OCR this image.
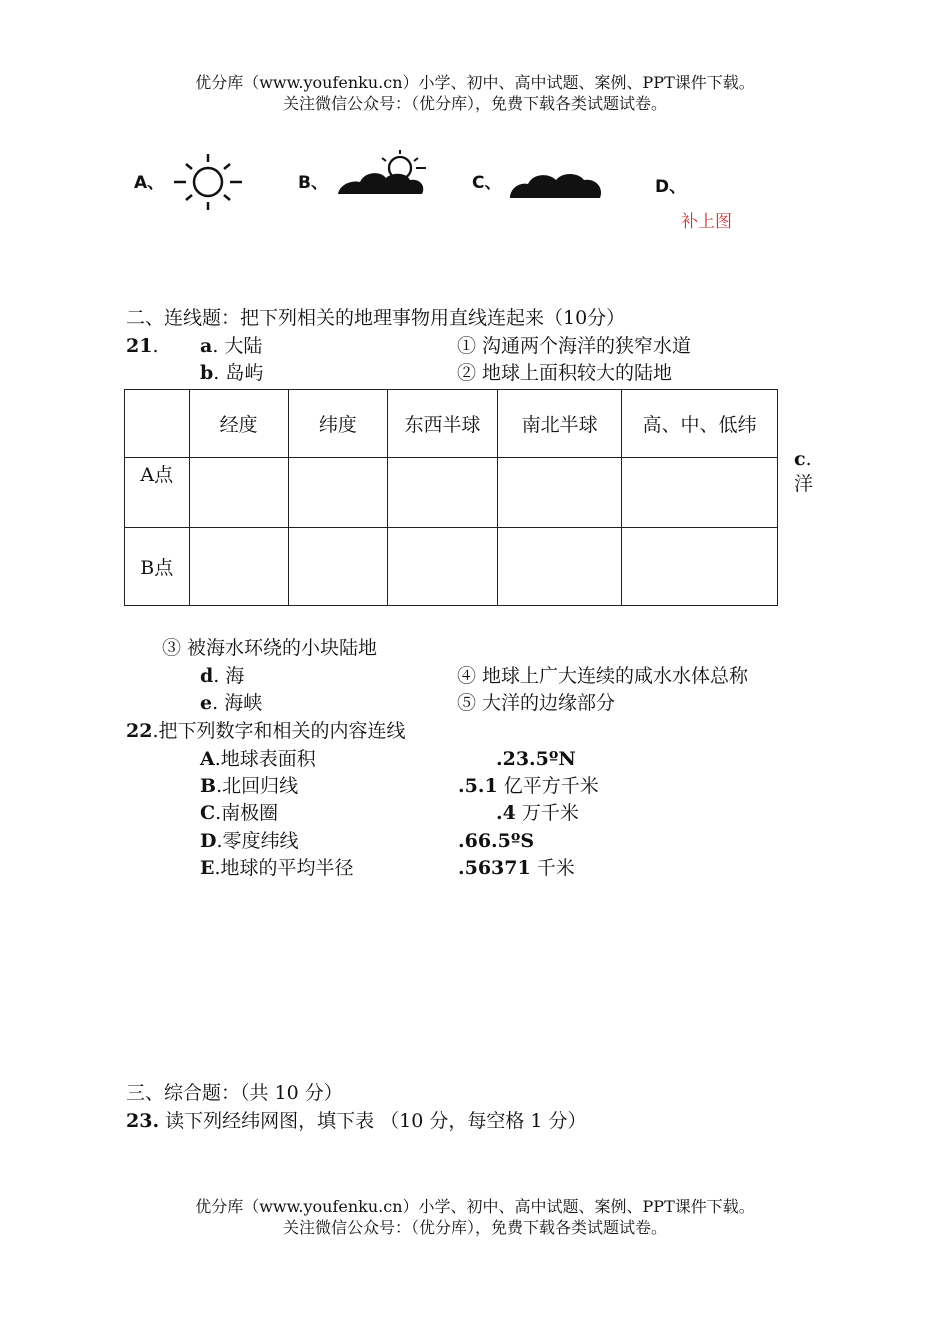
优分库（www.youfenku.cn）小学、初中、高中试题、案例、PPT课件下载。
关注微信公众号：（优分库），免费下载各类试题试卷。
A、	B、	C、	D、
补上图
二、连线题：把下列相关的地理事物用直线连起来（10分）
21. a. 大陆	① 沟通两个海洋的狭窄水道
b. 岛屿	② 地球上面积较大的陆地
	经度	纬度	东西半球	南北半球	高、中、低纬
A点					
B点					
c.
洋
③ 被海水环绕的小块陆地
d. 海	④ 地球上广大连续的咸水水体总称
e. 海峡	⑤ 大洋的边缘部分
22.把下列数字和相关的内容连线
A.地球表面积	.23.5ºN
B.北回归线	.5.1 亿平方千米
C.南极圈	.4 万千米
D.零度纬线	.66.5ºS
E.地球的平均半径	.56371 千米
三、综合题：（共 10 分）
23. 读下列经纬网图，填下表 （10 分，每空格 1 分）
优分库（www.youfenku.cn）小学、初中、高中试题、案例、PPT课件下载。
关注微信公众号：（优分库），免费下载各类试题试卷。
